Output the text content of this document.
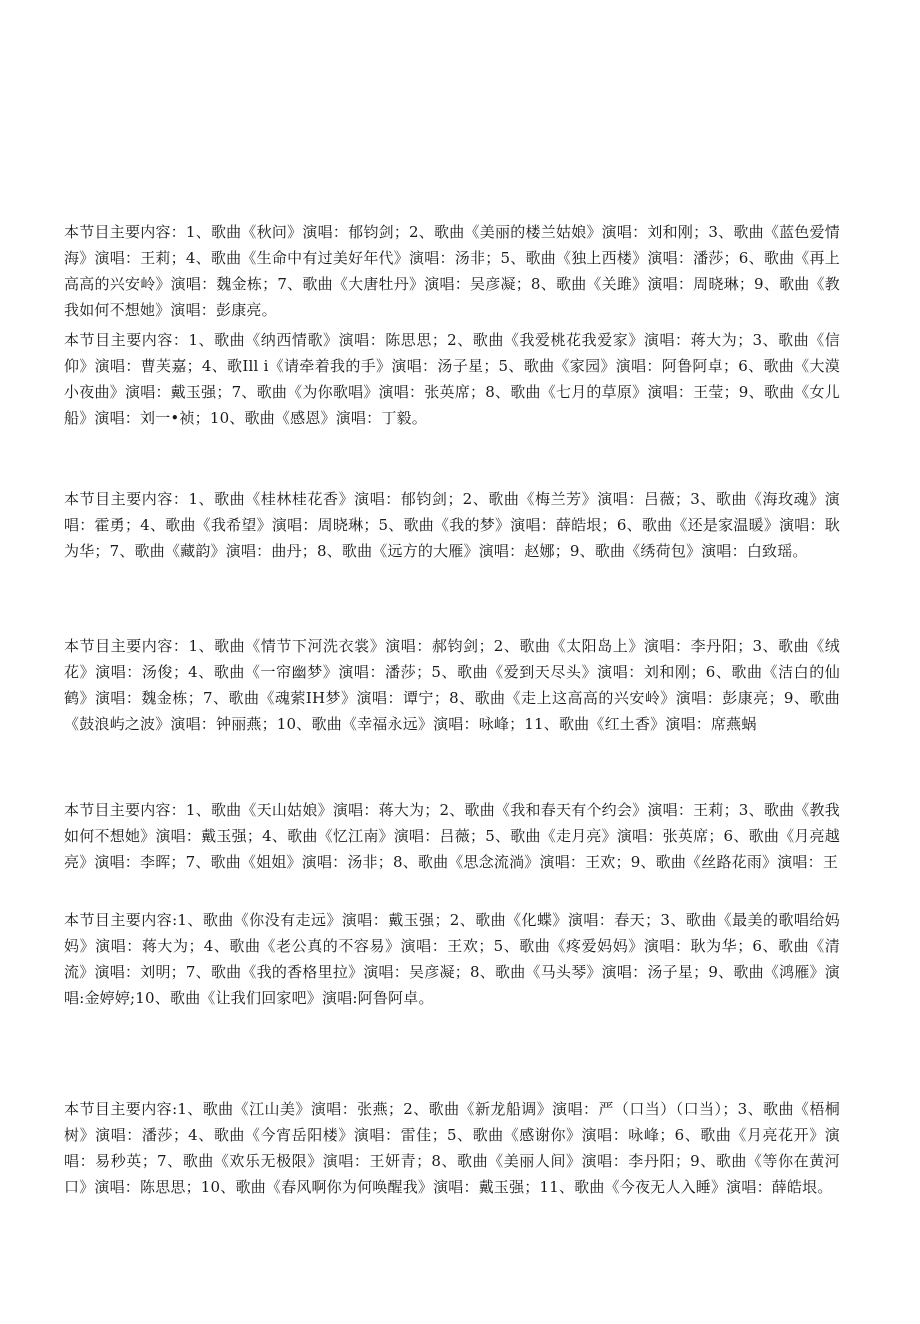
本节目主要内容：1、歌曲《秋问》演唱：郁钧剑；2、歌曲《美丽的楼兰姑娘》演唱：刘和刚；3、歌曲《蓝色爱情海》演唱：王莉；4、歌曲《生命中有过美好年代》演唱：汤非；5、歌曲《独上西楼》演唱：潘莎；6、歌曲《再上高高的兴安岭》演唱：魏金栋；7、歌曲《大唐牡丹》演唱：吴彦凝；8、歌曲《关雎》演唱：周晓琳；9、歌曲《教我如何不想她》演唱：彭康亮。

本节目主要内容：1、歌曲《纳西情歌》演唱：陈思思；2、歌曲《我爱桃花我爱家》演唱：蒋大为；3、歌曲《信仰》演唱：曹芙嘉；4、歌Ill i《请牵着我的手》演唱：汤子星；5、歌曲《家园》演唱：阿鲁阿卓；6、歌曲《大漠小夜曲》演唱：戴玉强；7、歌曲《为你歌唱》演唱：张英席；8、歌曲《七月的草原》演唱：王莹；9、歌曲《女儿船》演唱：刘一•祯；10、歌曲《感恩》演唱：丁毅。

本节目主要内容：1、歌曲《桂林桂花香》演唱：郁钧剑；2、歌曲《梅兰芳》演唱：吕薇；3、歌曲《海玫魂》演唱：霍勇；4、歌曲《我希望》演唱：周晓琳；5、歌曲《我的梦》演唱：薛皓垠；6、歌曲《还是家温暖》演唱：耿为华；7、歌曲《藏韵》演唱：曲丹；8、歌曲《远方的大雁》演唱：赵娜；9、歌曲《绣荷包》演唱：白致瑶。

本节目主要内容：1、歌曲《情节下河洗衣裳》演唱：郝钧剑；2、歌曲《太阳岛上》演唱：李丹阳；3、歌曲《绒花》演唱：汤俊；4、歌曲《一帘幽梦》演唱：潘莎；5、歌曲《爱到天尽头》演唱：刘和刚；6、歌曲《洁白的仙鹤》演唱：魏金栋；7、歌曲《魂萦IH梦》演唱：谭宁；8、歌曲《走上这高高的兴安岭》演唱：彭康亮；9、歌曲《鼓浪屿之波》演唱：钟丽燕；10、歌曲《幸福永远》演唱：咏峰；11、歌曲《红土香》演唱：席燕蜗

本节目主要内容：1、歌曲《天山姑娘》演唱：蒋大为；2、歌曲《我和春天有个约会》演唱：王莉；3、歌曲《教我如何不想她》演唱：戴玉强；4、歌曲《忆江南》演唱：吕薇；5、歌曲《走月亮》演唱：张英席；6、歌曲《月亮越亮》演唱：李晖；7、歌曲《姐姐》演唱：汤非；8、歌曲《思念流淌》演唱：王欢；9、歌曲《丝路花雨》演唱：王

本节目主要内容:1、歌曲《你没有走远》演唱：戴玉强；2、歌曲《化蝶》演唱：春天；3、歌曲《最美的歌唱给妈妈》演唱：蒋大为；4、歌曲《老公真的不容易》演唱：王欢；5、歌曲《疼爱妈妈》演唱：耿为华；6、歌曲《清流》演唱：刘明；7、歌曲《我的香格里拉》演唱：吴彦凝；8、歌曲《马头琴》演唱：汤子星；9、歌曲《鸿雁》演唱:金婷婷;10、歌曲《让我们回家吧》演唱:阿鲁阿卓。

本节目主要内容:1、歌曲《江山美》演唱：张燕；2、歌曲《新龙船调》演唱：严（口当）（口当）；3、歌曲《梧桐树》演唱：潘莎；4、歌曲《今宵岳阳楼》演唱：雷佳；5、歌曲《感谢你》演唱：咏峰；6、歌曲《月亮花开》演唱：易秒英；7、歌曲《欢乐无极限》演唱：王妍青；8、歌曲《美丽人间》演唱：李丹阳；9、歌曲《等你在黄河口》演唱：陈思思；10、歌曲《春风啊你为何唤醒我》演唱：戴玉强；11、歌曲《今夜无人入睡》演唱：薛皓垠。
